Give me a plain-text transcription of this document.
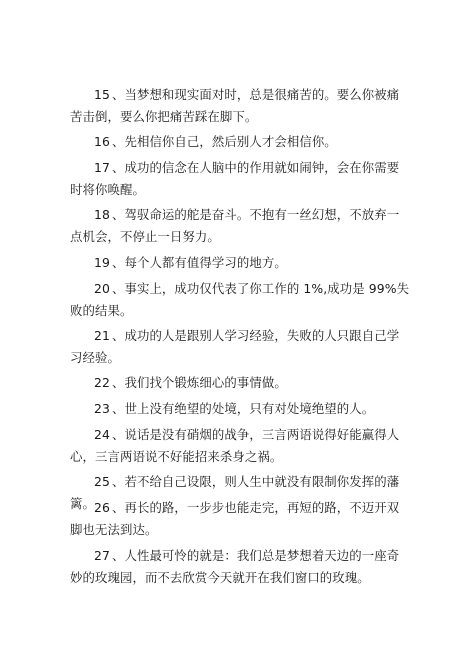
15 、当梦想和现实面对时，总是很痛苦的。要么你被痛苦击倒，要么你把痛苦踩在脚下。

16 、先相信你自己，然后别人才会相信你。

17 、成功的信念在人脑中的作用就如闹钟，会在你需要时将你唤醒。

18 、驾驭命运的舵是奋斗。不抱有一丝幻想，不放弃一点机会，不停止一日努力。

19 、每个人都有值得学习的地方。

20 、事实上，成功仅代表了你工作的 1%,成功是 99%失败的结果。

21 、成功的人是跟别人学习经验，失败的人只跟自己学习经验。

22 、我们找个锻炼细心的事情做。

23 、世上没有绝望的处境，只有对处境绝望的人。

24 、说话是没有硝烟的战争，三言两语说得好能赢得人心，三言两语说不好能招来杀身之祸。

25 、若不给自己设限，则人生中就没有限制你发挥的藩篱。 26 、再长的路，一步步也能走完，再短的路，不迈开双脚也无法到达。

27 、人性最可怜的就是：我们总是梦想着天边的一座奇妙的玫瑰园，而不去欣赏今天就开在我们窗口的玫瑰。
